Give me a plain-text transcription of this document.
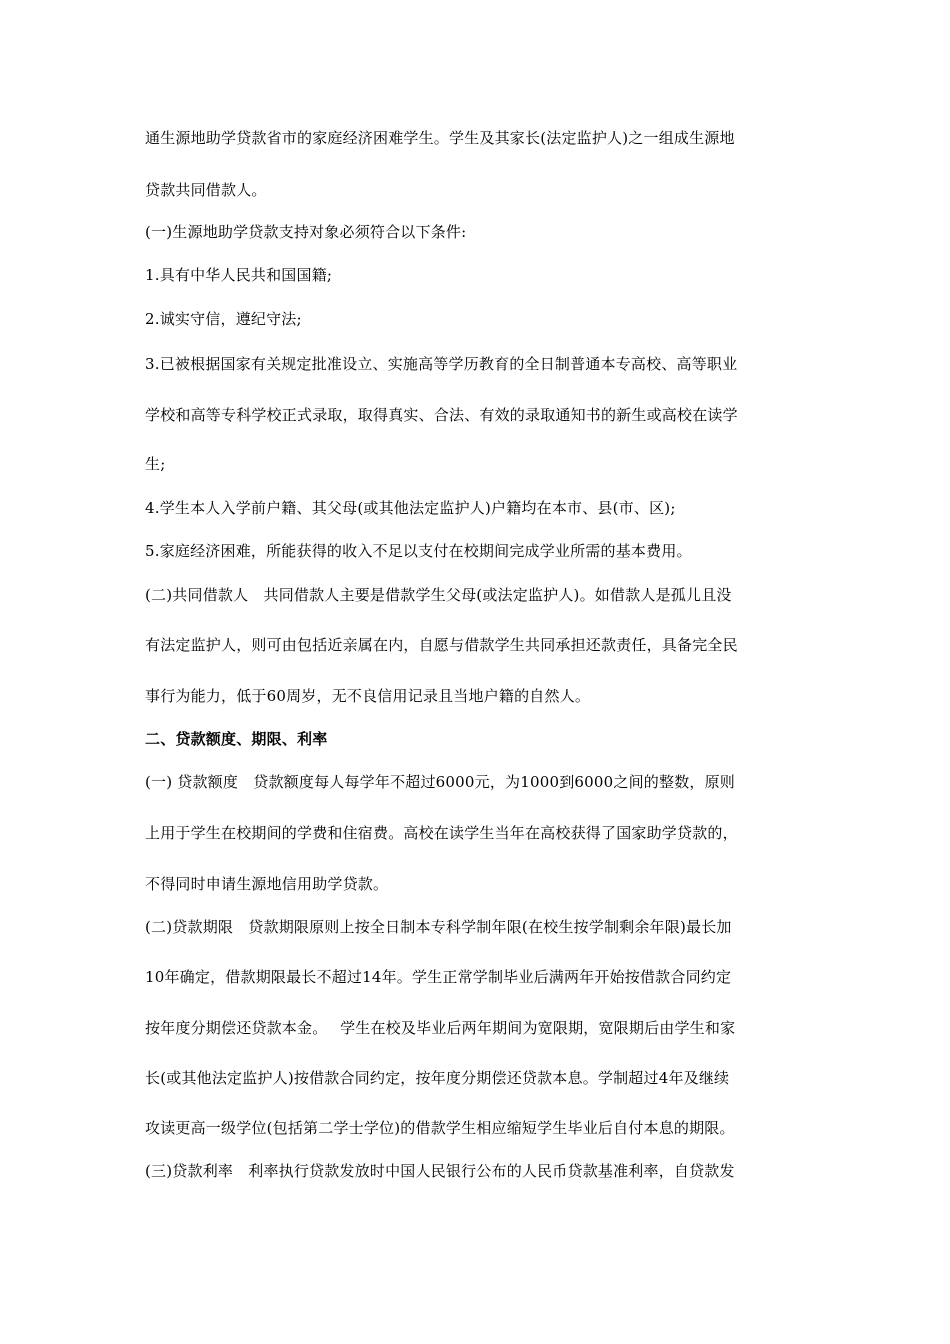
通生源地助学贷款省市的家庭经济困难学生。学生及其家长(法定监护人)之一组成生源地
贷款共同借款人。
(一)生源地助学贷款支持对象必须符合以下条件:
1.具有中华人民共和国国籍;
2.诚实守信，遵纪守法;
3.已被根据国家有关规定批准设立、实施高等学历教育的全日制普通本专高校、高等职业
学校和高等专科学校正式录取，取得真实、合法、有效的录取通知书的新生或高校在读学
生;
4.学生本人入学前户籍、其父母(或其他法定监护人)户籍均在本市、县(市、区);
5.家庭经济困难，所能获得的收入不足以支付在校期间完成学业所需的基本费用。
(二)共同借款人　共同借款人主要是借款学生父母(或法定监护人)。如借款人是孤儿且没
有法定监护人，则可由包括近亲属在内，自愿与借款学生共同承担还款责任，具备完全民
事行为能力，低于60周岁，无不良信用记录且当地户籍的自然人。
二、贷款额度、期限、利率
(一) 贷款额度　贷款额度每人每学年不超过6000元，为1000到6000之间的整数，原则
上用于学生在校期间的学费和住宿费。高校在读学生当年在高校获得了国家助学贷款的，
不得同时申请生源地信用助学贷款。
(二)贷款期限　贷款期限原则上按全日制本专科学制年限(在校生按学制剩余年限)最长加
10年确定，借款期限最长不超过14年。学生正常学制毕业后满两年开始按借款合同约定
按年度分期偿还贷款本金。　 学生在校及毕业后两年期间为宽限期，宽限期后由学生和家
长(或其他法定监护人)按借款合同约定，按年度分期偿还贷款本息。学制超过4年及继续
攻读更高一级学位(包括第二学士学位)的借款学生相应缩短学生毕业后自付本息的期限。
(三)贷款利率　利率执行贷款发放时中国人民银行公布的人民币贷款基准利率，自贷款发
